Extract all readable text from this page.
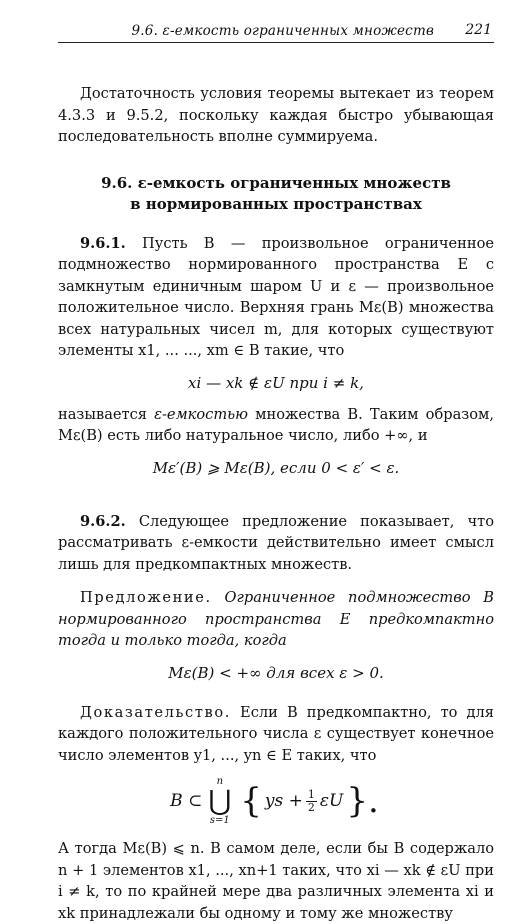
9.6. ε-емкость ограниченных множеств 221

Достаточность условия теоремы вытекает из теорем 4.3.3 и 9.5.2, поскольку каждая быстро убывающая последовательность вполне суммируема.

9.6. ε-емкость ограниченных множеств
в нормированных пространствах

9.6.1. Пусть B — произвольное ограниченное подмножество нормированного пространства E с замкнутым единичным шаром U и ε — произвольное положительное число. Верхняя грань Mε(B) множества всех натуральных чисел m, для которых существуют элементы x1, ... ..., xm ∈ B такие, что

xi — xk ∉ εU при i ≠ k,

называется ε-емкостью множества B. Таким образом, Mε(B) есть либо натуральное число, либо +∞, и

Mε′(B) ⩾ Mε(B), если 0 < ε′ < ε.

9.6.2. Следующее предложение показывает, что рассматривать ε-емкости действительно имеет смысл лишь для предкомпактных множеств.

Предложение. Ограниченное подмножество B нормированного пространства E предкомпактно тогда и только тогда, когда

Mε(B) < +∞ для всех ε > 0.

Доказательство. Если B предкомпактно, то для каждого положительного числа ε существует конечное число элементов y1, ..., yn ∈ E таких, что

B ⊂
n
⋃
s=1 { ys + $\frac{1}{2}$ εU }.

А тогда Mε(B) ⩽ n. В самом деле, если бы B содержало n + 1 элементов x1, ..., xn+1 таких, что xi — xk ∉ εU при i ≠ k, то по крайней мере два различных элемента xi и xk принадлежали бы одному и тому же множеству
